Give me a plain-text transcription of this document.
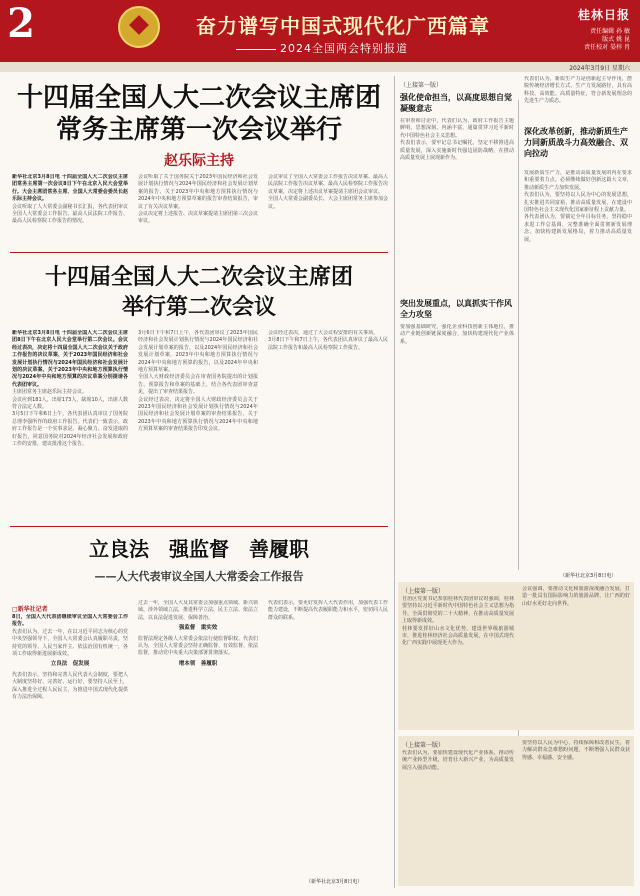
2	奋力谱写中国式现代化广西篇章
2024全国两会特别报道
桂林日报
责任编辑 孙 敏
版式 姚 昆
责任校对 晏梓 肖
2024年3月9日 星期六
十四届全国人大二次会议主席团
常务主席第一次会议举行
赵乐际主持

新华社北京3月8日电 十四届全国人大二次会议主席团常务主席第一次会议8日下午在北京人民大会堂举行。大会主席团常务主席、全国人大常委会委员长赵乐际主持会议。

会议听取了人大常委会副秘书长汇报，各代表团审议全国人大常委会工作报告、最高人民法院工作报告、最高人民检察院工作报告的情况。

会议听取了关于国务院关于2023年国民经济和社会发展计划执行情况与2024年国民经济和社会发展计划草案的报告，关于2023年中央和地方预算执行情况与2024年中央和地方预算草案的报告审查结果报告，审议了有关决议草案。

会议决定将上述报告、决议草案提请主席团第三次会议审议。

会议审议了全国人大常委会工作报告决议草案、最高人民法院工作报告决议草案、最高人民检察院工作报告决议草案，决定将上述决议草案提请主席团会议审议。

全国人大常委会副委员长、大会主席团常务主席参加会议。

十四届全国人大二次会议主席团
举行第二次会议

新华社北京3月8日电 十四届全国人大二次会议主席团8日下午在北京人民大会堂举行第二次会议。会议经过表决，决定将十四届全国人大二次会议关于政府工作报告的决议草案、关于2023年国民经济和社会发展计划执行情况与2024年国民经济和社会发展计划的决议草案、关于2023年中央和地方预算执行情况与2024年中央和地方预算的决议草案分别提请各代表团审议。

主席团常务主席赵乐际主持会议。

会议应到181人，出席173人，缺席10人，出席人数符合法定人数。

3月5日下午和6日上午，各代表团认真审议了国务院总理李强所作的政府工作报告。代表们一致表示，政府工作报告是一个实事求是、凝心聚力、奋发进取的好报告，同意国务院对2024年经济社会发展和政府工作的安排，建议批准这个报告。

3月6日下午和7日上午，各代表团审议了2023年国民经济和社会发展计划执行情况与2024年国民经济和社会发展计划草案的报告，以及2024年国民经济和社会发展计划草案，2023年中央和地方预算执行情况与2024年中央和地方预算的报告，以及2024年中央和地方预算草案。

全国人大财政经济委员会在审查国务院提出的计划报告、预算报告和草案的基础上，结合各代表团审查意见，提出了审查结果报告。

会议经过表决，决定将全国人大财政经济委员会关于2023年国民经济和社会发展计划执行情况与2024年国民经济和社会发展计划草案的审查结果报告、关于2023年中央和地方预算执行情况与2024年中央和地方预算草案的审查结果报告印发会议。

会议经过表决，通过了大会议程安排的有关事项。

3月8日下午和7日上午，各代表团认真审议了最高人民法院工作报告和最高人民检察院工作报告。

立良法　强监督　善履职
——人大代表审议全国人大常委会工作报告
□新华社记者

8日，全国人大代表团继续审议全国人大常委会工作报告。

代表们认为，过去一年，在以习近平同志为核心的党中央坚强领导下，全国人大常委会认真履职尽责，坚持党的领导、人民当家作主、依法治国有机统一，各项工作取得新进展新成效。

立良法　促发展

代表们表示，坚持和完善人民代表大会制度，要把人大制度坚持好、完善好、运行好，要坚持人民至上，深入推进全过程人民民主，为推进中国式现代化提供有力法治保障。

过去一年，全国人大及其常委会加强重点领域、新兴领域、涉外领域立法，推进科学立法、民主立法、依法立法，以良法促进发展、保障善治。

强监督　重实效

监督法规定各级人大常委会依法行使监督职权。代表们认为，全国人大常委会坚持正确监督、有效监督、依法监督，推动党中央重大决策部署贯彻落实。

增本领　善履职

代表们表示，要更好发挥人大代表作用，加强代表工作能力建设，不断提高代表履职能力和水平，密切同人民群众的联系。

（新华社北京3月8日电）
（上接第一版）
强化使命担当，以高度思想自觉凝聚意志

在审查和讨论中，代表们认为，政府工作报告主题鲜明、思想深刻、内涵丰富，通篇贯穿习近平新时代中国特色社会主义思想。

代表们表示，要牢记总书记嘱托，坚定不移推进高质量发展，深入实施新时代强边固防战略，在推动高质量发展上展现新作为。

深化改革创新，推动新质生产力同新质战斗力高效融合、双向拉动

代表们认为，新质生产力是创新起主导作用，摆脱传统经济增长方式、生产力发展路径，具有高科技、高效能、高质量特征，符合新发展理念的先进生产力质态。

发展新质生产力，是推动高质量发展的内在要求和重要着力点。必须继续做好创新这篇大文章，推动新质生产力加快发展。

代表们认为，要坚持以人民为中心的发展思想，扎实推进共同富裕，推动高质量发展，在建设中国特色社会主义现代化国家新征程上贡献力量。

各代表团认为，要锚定全年目标任务，坚持稳中求进工作总基调，完整准确全面贯彻新发展理念，加快构建新发展格局，着力推动高质量发展。

突出发展重点，以真抓实干作风全力攻坚

要加强基础研究，强化企业科技创新主体地位，推动产业链创新链深度融合，加快构建现代化产业体系。

（新华社北京3月8日电）
（上接第一版）

自治区党委书记参加桂林代表团审议时强调，桂林要坚持以习近平新时代中国特色社会主义思想为指导，全面贯彻党的二十大精神，在推动高质量发展上取得新成效。

桂林要发挥好山水文化优势，建设世界级旅游城市，推进桂林经济社会高质量发展，在中国式现代化广西实践中展现更大作为。

会议强调，要推动文化和旅游深度融合发展，打造一批具有国际影响力的旅游品牌，让广西的好山好水更好走向世界。

（上接第一版）

代表们认为，要加快建设现代化产业体系，推动传统产业转型升级，培育壮大新兴产业，为高质量发展注入强劲动能。

要坚持以人民为中心，持续保障和改善民生，着力解决群众急难愁盼问题，不断增强人民群众获得感、幸福感、安全感。
